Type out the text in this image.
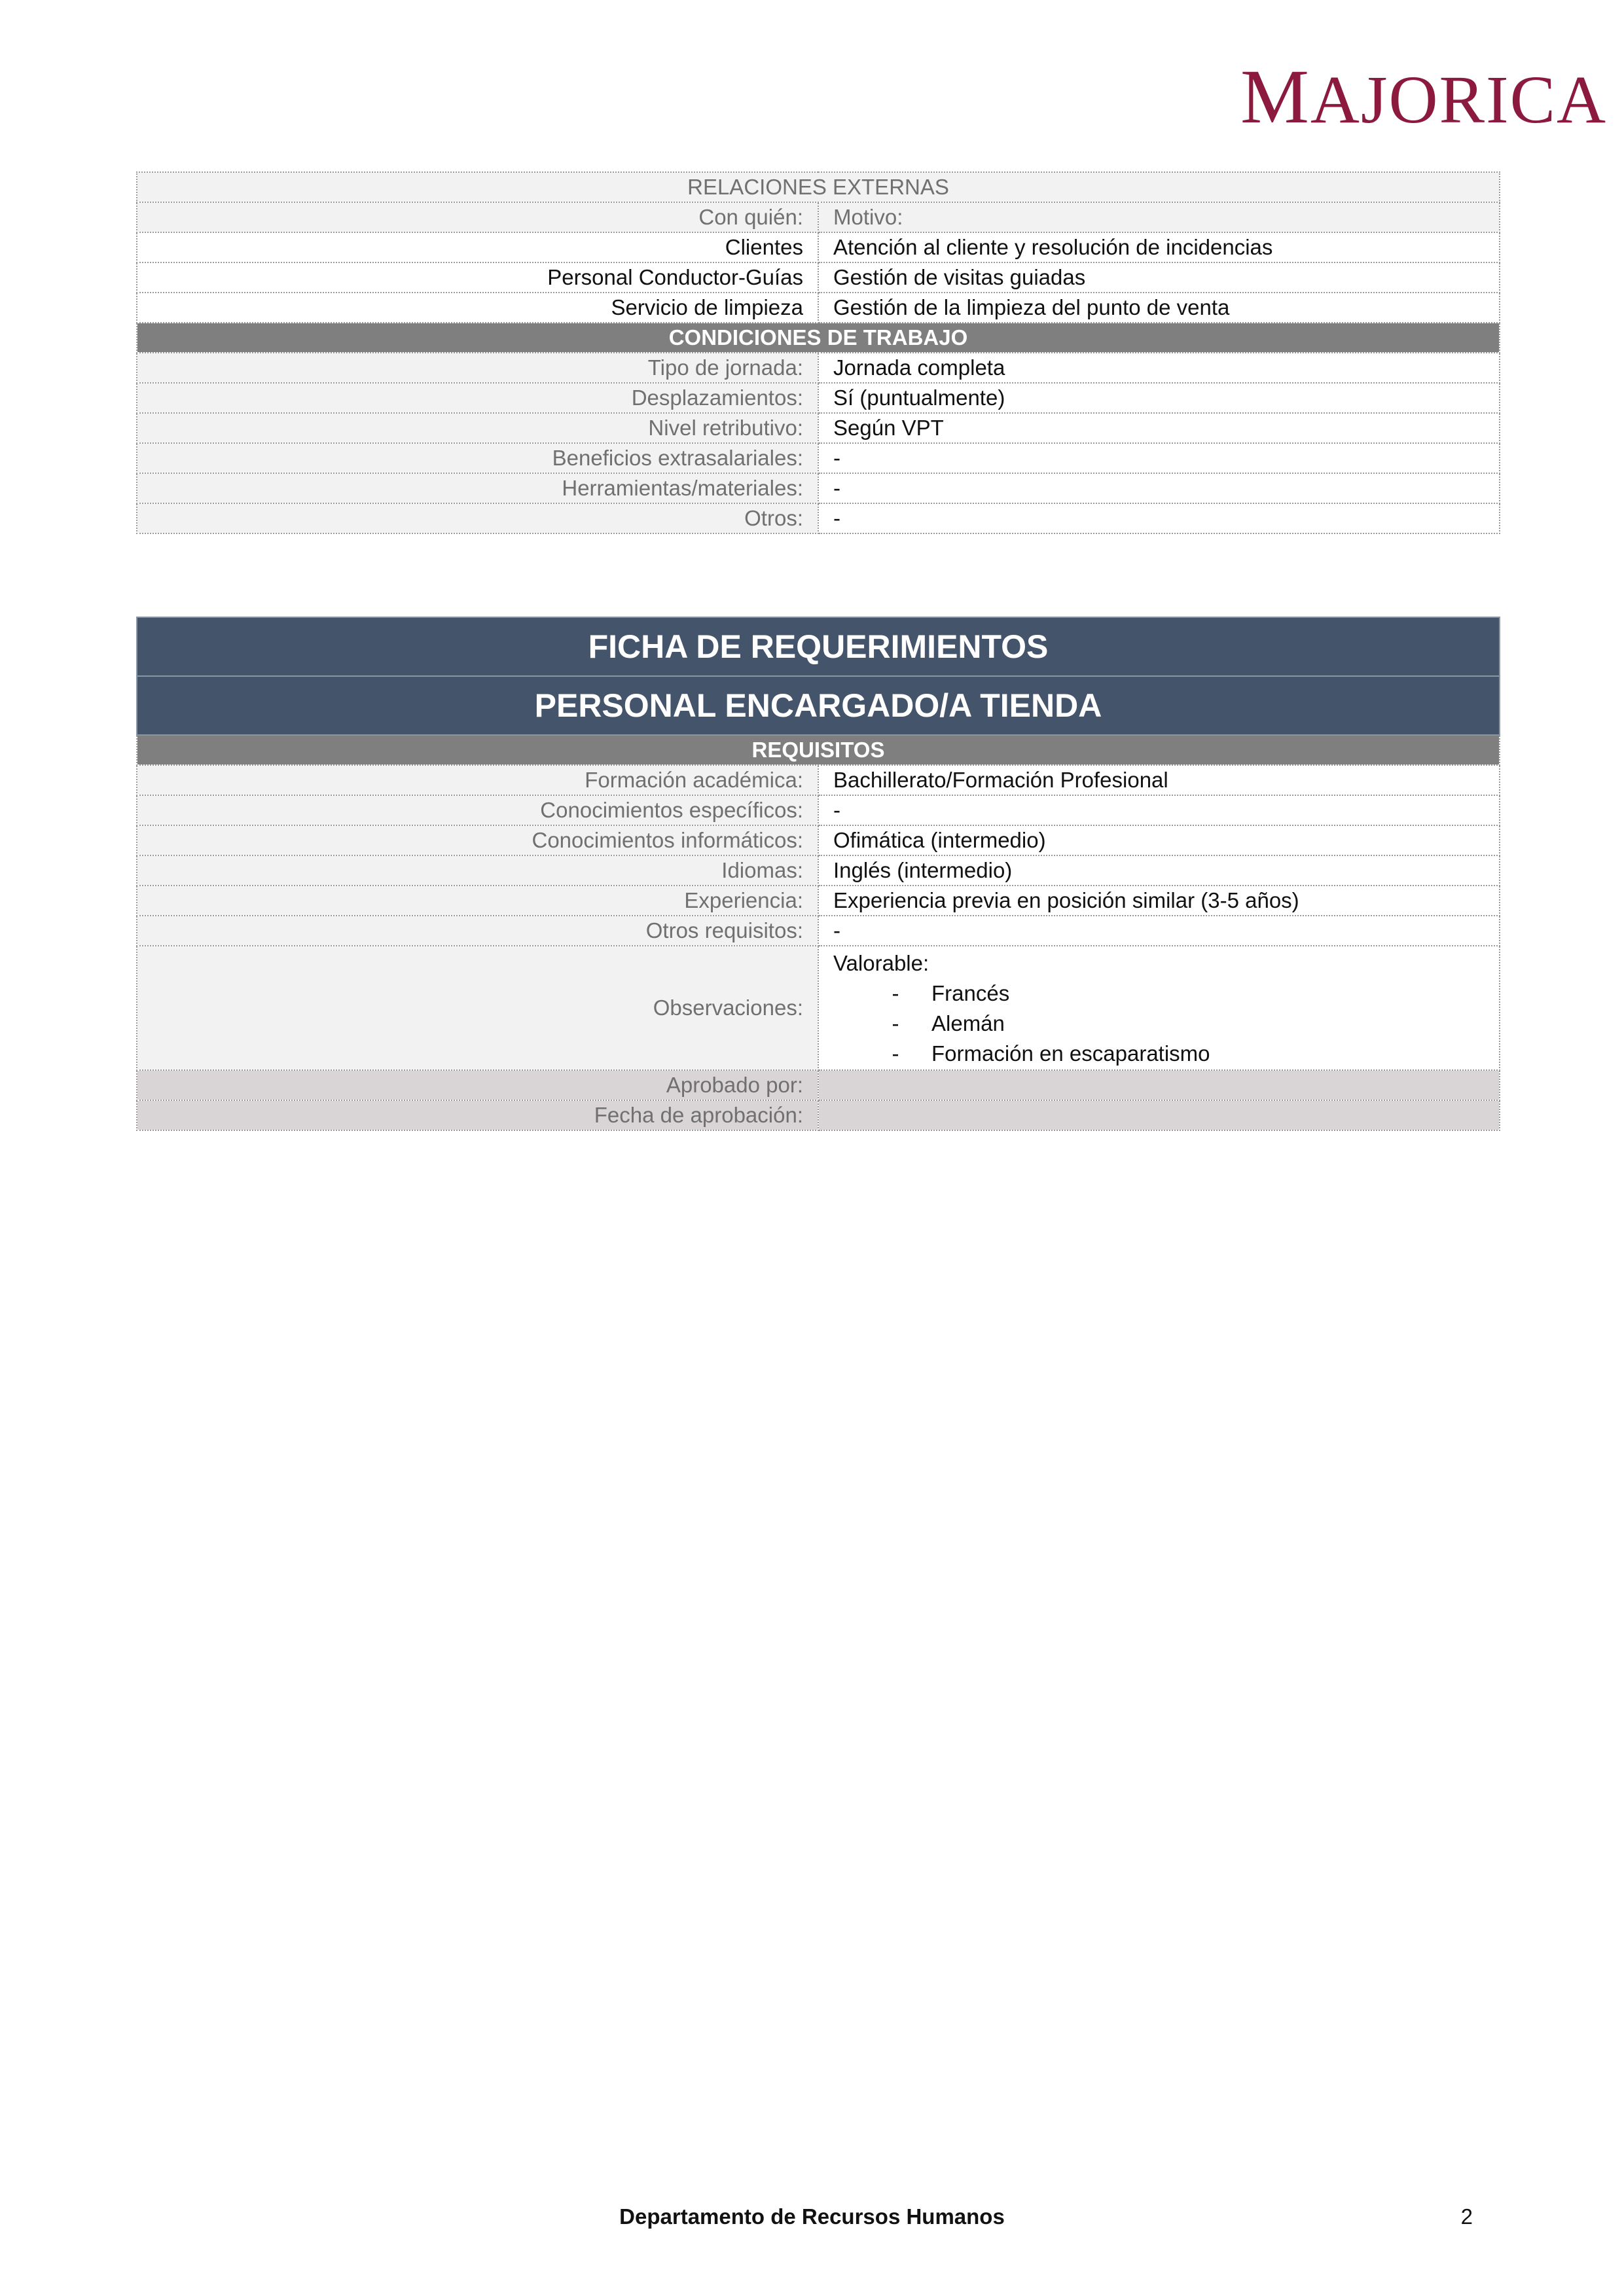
MAJORICA
RELACIONES EXTERNAS	
Con quién:	Motivo:
Clientes	Atención al cliente y resolución de incidencias
Personal Conductor-Guías	Gestión de visitas guiadas
Servicio de limpieza	Gestión de la limpieza del punto de venta
CONDICIONES DE TRABAJO	
Tipo de jornada:	Jornada completa
Desplazamientos:	Sí (puntualmente)
Nivel retributivo:	Según VPT
Beneficios extrasalariales:	-
Herramientas/materiales:	-
Otros:	-
FICHA DE REQUERIMIENTOS	
PERSONAL ENCARGADO/A TIENDA	
REQUISITOS	
Formación académica:	Bachillerato/Formación Profesional
Conocimientos específicos:	-
Conocimientos informáticos:	Ofimática (intermedio)
Idiomas:	Inglés (intermedio)
Experiencia:	Experiencia previa en posición similar (3-5 años)
Otros requisitos:	-
Observaciones:	Valorable:
- Francés
- Alemán
- Formación en escaparatismo

Aprobado por:	
Fecha de aprobación:	
Departamento de Recursos Humanos	2
